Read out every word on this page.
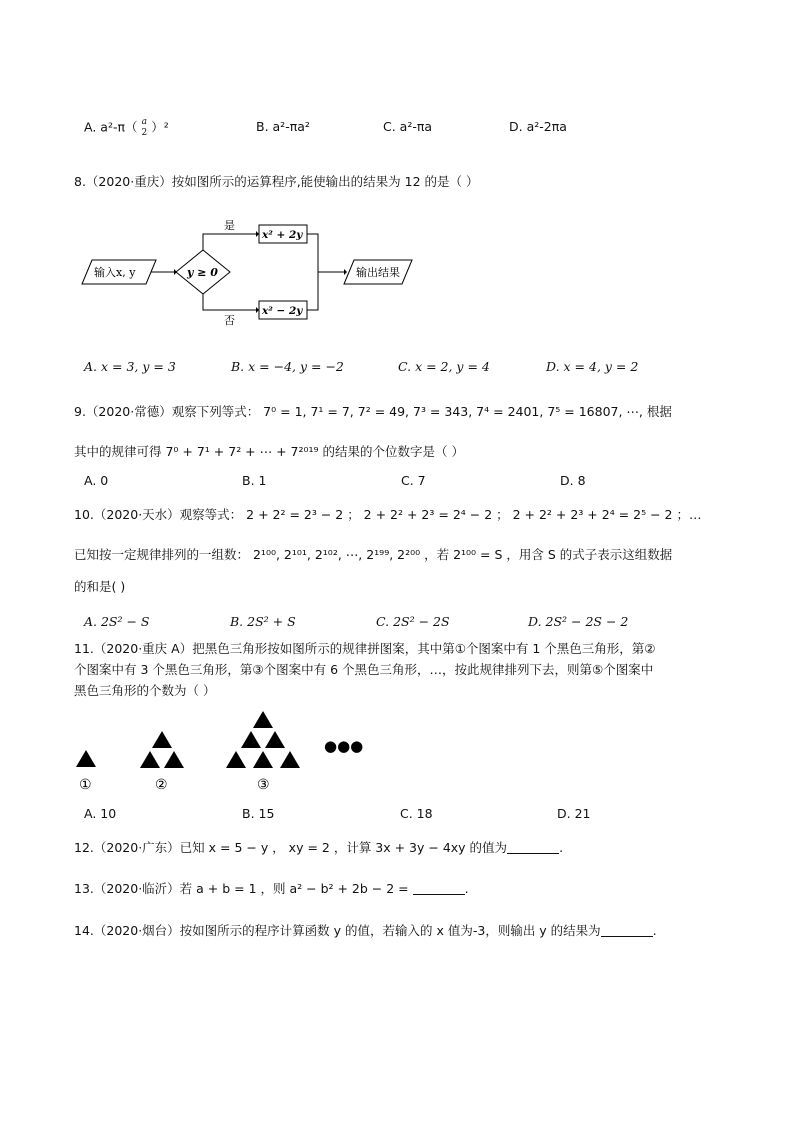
A. a²-π（ a
2 ）²	B. a²-πa²	C. a²-πa	D. a²-2πa
8.（2020·重庆）按如图所示的运算程序,能使输出的结果为 12 的是（ ）
输入x, y	y ≥ 0
是
否
x² + 2y
x² − 2y
输出结果
A. x = 3, y = 3	B. x = −4, y = −2	C. x = 2, y = 4	D. x = 4, y = 2
9.（2020·常德）观察下列等式： 7⁰ = 1, 7¹ = 7, 7² = 49, 7³ = 343, 7⁴ = 2401, 7⁵ = 16807, ⋯, 根据
其中的规律可得 7⁰ + 7¹ + 7² + ⋯ + 7²⁰¹⁹ 的结果的个位数字是（ ）
A. 0	B. 1	C. 7	D. 8
10.（2020·天水）观察等式： 2 + 2² = 2³ − 2 ； 2 + 2² + 2³ = 2⁴ − 2 ； 2 + 2² + 2³ + 2⁴ = 2⁵ − 2 ；…
已知按一定规律排列的一组数： 2¹⁰⁰, 2¹⁰¹, 2¹⁰², ⋯, 2¹⁹⁹, 2²⁰⁰ ，若 2¹⁰⁰ = S ，用含 S 的式子表示这组数据
的和是( )
A. 2S² − S	B. 2S² + S	C. 2S² − 2S	D. 2S² − 2S − 2
11.（2020·重庆 A）把黑色三角形按如图所示的规律拼图案，其中第①个图案中有 1 个黑色三角形，第②
个图案中有 3 个黑色三角形，第③个图案中有 6 个黑色三角形，…，按此规律排列下去，则第⑤个图案中
黑色三角形的个数为（ ）
●●●
①	②	③
A. 10	B. 15	C. 18	D. 21
12.（2020·广东）已知 x = 5 − y ， xy = 2 ，计算 3x + 3y − 4xy 的值为	.
13.（2020·临沂）若 a + b = 1 ，则 a² − b² + 2b − 2 =	.
14.（2020·烟台）按如图所示的程序计算函数 y 的值，若输入的 x 值为-3，则输出 y 的结果为	.
